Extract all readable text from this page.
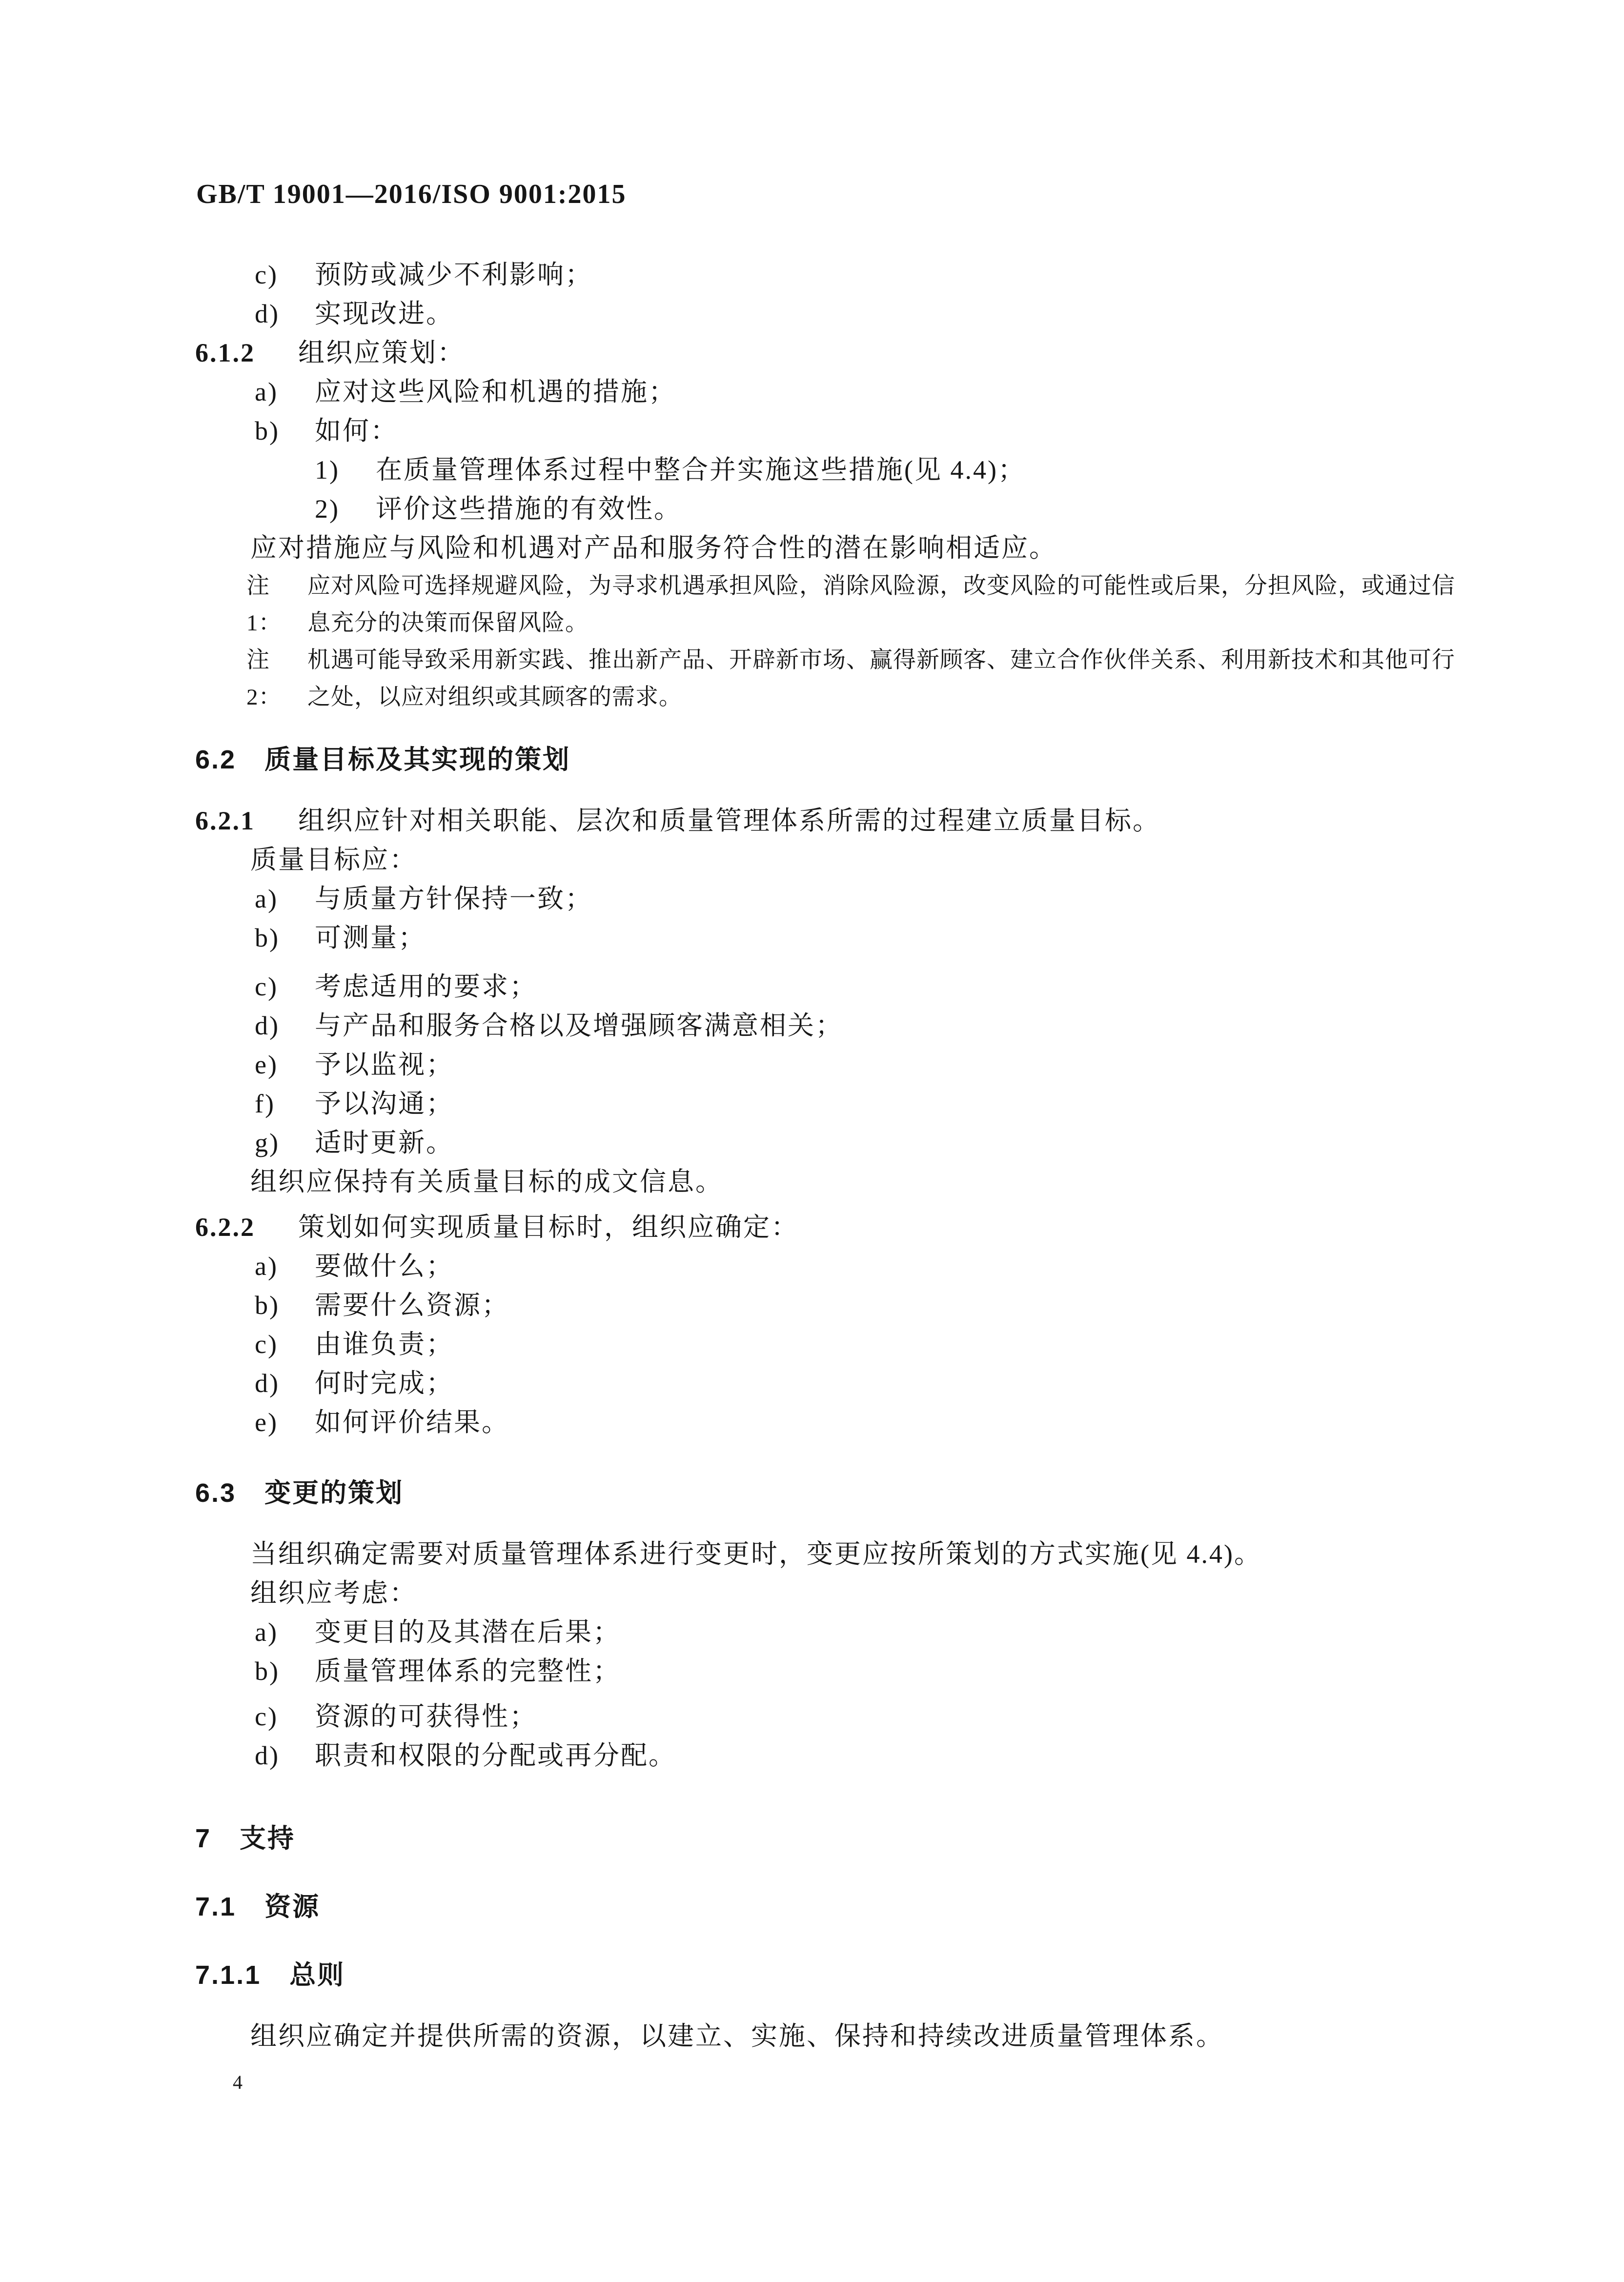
GB/T 19001—2016/ISO 9001:2015
c)	预防或减少不利影响；
d)	实现改进。
6.1.2 组织应策划：
a)	应对这些风险和机遇的措施；
b)	如何：
1)	在质量管理体系过程中整合并实施这些措施(见 4.4)；
2)	评价这些措施的有效性。
应对措施应与风险和机遇对产品和服务符合性的潜在影响相适应。
注 1：
应对风险可选择规避风险，为寻求机遇承担风险，消除风险源，改变风险的可能性或后果，分担风险，或通过信
息充分的决策而保留风险。
注 2：
机遇可能导致采用新实践、推出新产品、开辟新市场、赢得新顾客、建立合作伙伴关系、利用新技术和其他可行
之处，以应对组织或其顾客的需求。
6.2 质量目标及其实现的策划
6.2.1 组织应针对相关职能、层次和质量管理体系所需的过程建立质量目标。
质量目标应：
a)	与质量方针保持一致；
b)	可测量；
c)	考虑适用的要求；
d)	与产品和服务合格以及增强顾客满意相关；
e)	予以监视；
f)	予以沟通；
g)	适时更新。
组织应保持有关质量目标的成文信息。
6.2.2 策划如何实现质量目标时，组织应确定：
a)	要做什么；
b)	需要什么资源；
c)	由谁负责；
d)	何时完成；
e)	如何评价结果。
6.3 变更的策划
当组织确定需要对质量管理体系进行变更时，变更应按所策划的方式实施(见 4.4)。
组织应考虑：
a)	变更目的及其潜在后果；
b)	质量管理体系的完整性；
c)	资源的可获得性；
d)	职责和权限的分配或再分配。
7 支持
7.1 资源
7.1.1 总则
组织应确定并提供所需的资源，以建立、实施、保持和持续改进质量管理体系。
4
